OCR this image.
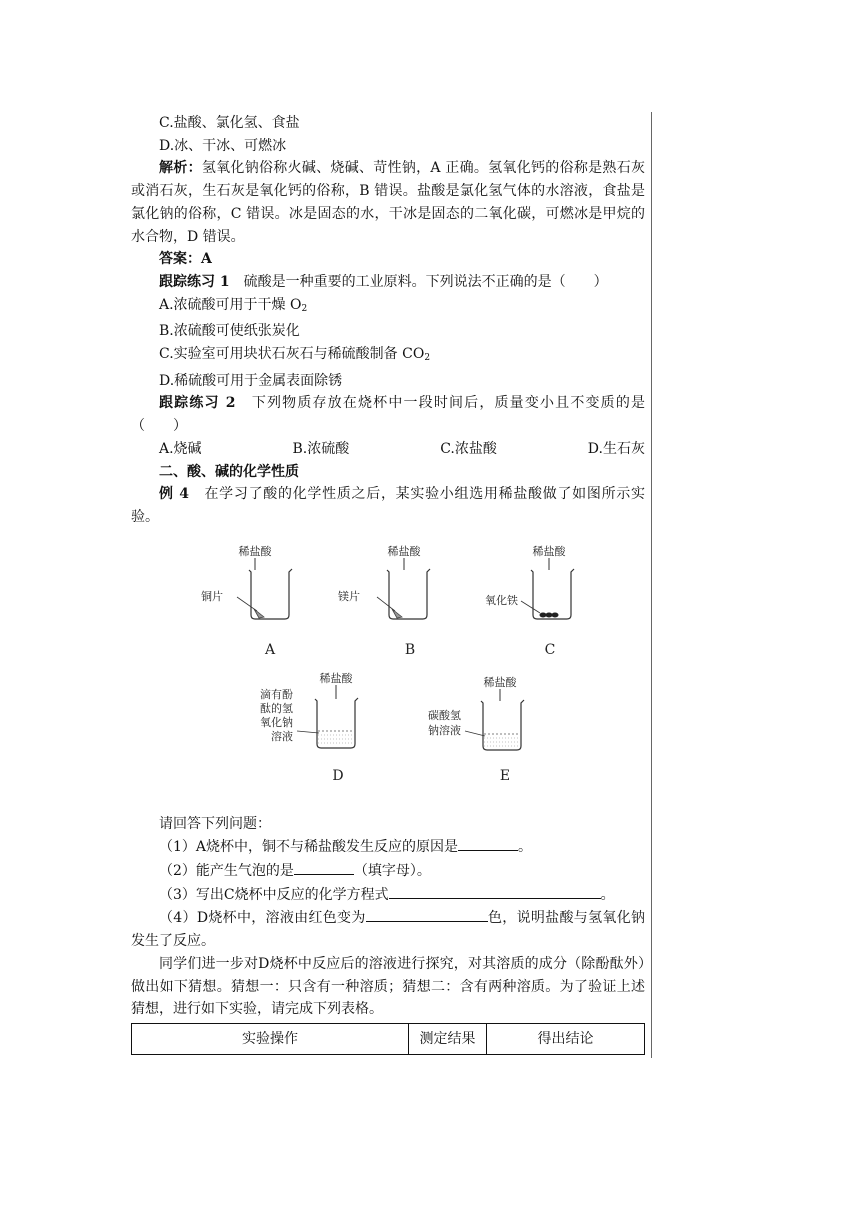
C.盐酸、氯化氢、食盐

D.冰、干冰、可燃冰

解析：氢氧化钠俗称火碱、烧碱、苛性钠，A 正确。氢氧化钙的俗称是熟石灰或消石灰，生石灰是氧化钙的俗称，B 错误。盐酸是氯化氢气体的水溶液，食盐是氯化钠的俗称，C 错误。冰是固态的水，干冰是固态的二氧化碳，可燃冰是甲烷的水合物，D 错误。

答案：A

跟踪练习 1　 硫酸是一种重要的工业原料。下列说法不正确的是（　　）

A.浓硫酸可用于干燥 $O_2$

B.浓硫酸可使纸张炭化

C.实验室可用块状石灰石与稀硫酸制备 $CO_2$

D.稀硫酸可用于金属表面除锈

跟踪练习 2　 下列物质存放在烧杯中一段时间后，质量变小且不变质的是（　　）

A.烧碱	B.浓硫酸	C.浓盐酸	D.生石灰

二、酸、碱的化学性质

例 4　 在学习了酸的化学性质之后，某实验小组选用稀盐酸做了如图所示实验。

稀盐酸
铜片
A
稀盐酸
镁片
B
稀盐酸
氧化铁
C
稀盐酸
滴有酚
酞的氢
氧化钠
溶液
D
稀盐酸
碳酸氢
钠溶液
E

请回答下列问题：

（1）A烧杯中，铜不与稀盐酸发生反应的原因是	。

（2）能产生气泡的是	（填字母）。

（3）写出C烧杯中反应的化学方程式	。

（4）D烧杯中，溶液由红色变为	色，说明盐酸与氢氧化钠发生了反应。

同学们进一步对D烧杯中反应后的溶液进行探究，对其溶质的成分（除酚酞外）做出如下猜想。猜想一：只含有一种溶质；猜想二：含有两种溶质。为了验证上述猜想，进行如下实验，请完成下列表格。

实验操作	测定结果	得出结论
